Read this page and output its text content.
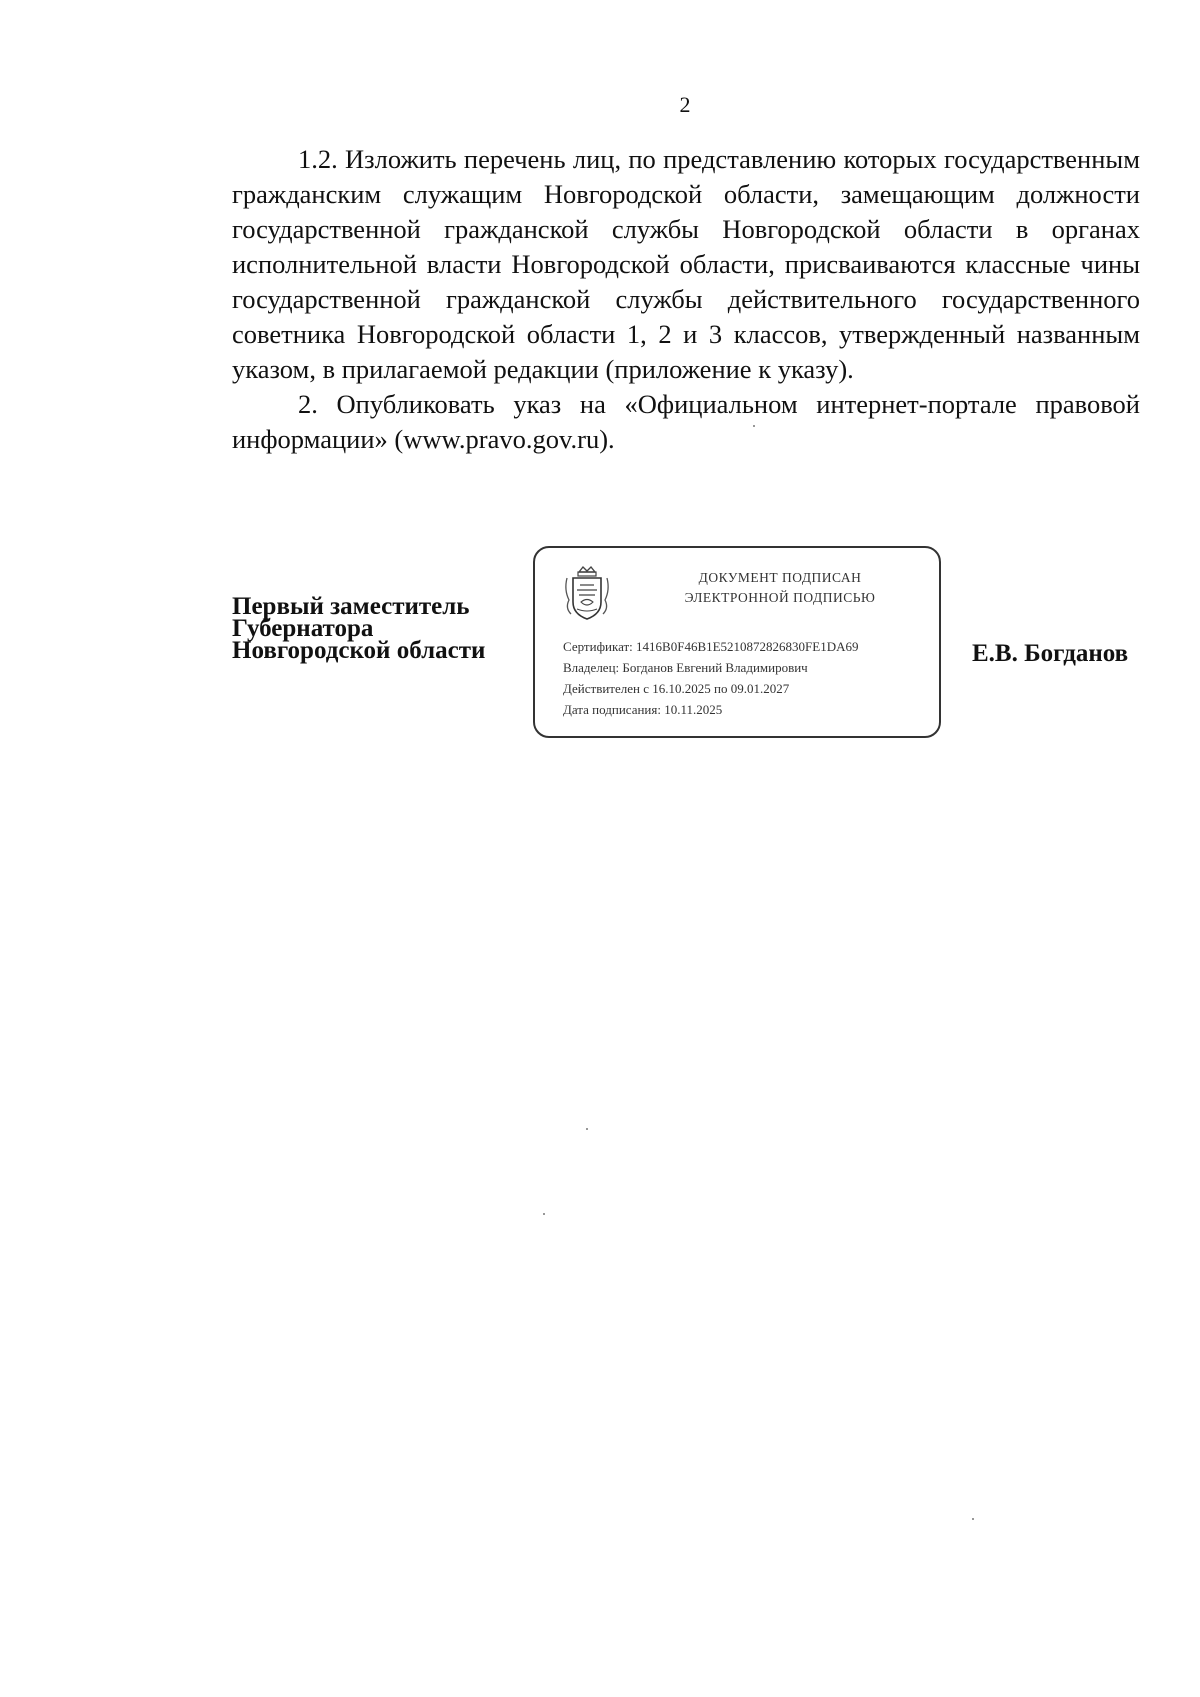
2

1.2. Изложить перечень лиц, по представлению которых государственным гражданским служащим Новгородской области, замещающим должности государственной гражданской службы Новгородской области в органах исполнительной власти Новгородской области, присваиваются классные чины государственной гражданской службы действительного государственного советника Новгородской области 1, 2 и 3 классов, утвержденный названным указом, в прилагаемой редакции (приложение к указу).

2. Опубликовать указ на «Официальном интернет-портале правовой информации» (www.pravo.gov.ru).

Первый заместитель
Губернатора
Новгородской области
ДОКУМЕНТ ПОДПИСАН
ЭЛЕКТРОННОЙ ПОДПИСЬЮ
Сертификат: 1416B0F46B1E5210872826830FE1DA69
Владелец: Богданов Евгений Владимирович
Действителен с 16.10.2025 по 09.01.2027
Дата подписания: 10.11.2025
Е.В. Богданов
